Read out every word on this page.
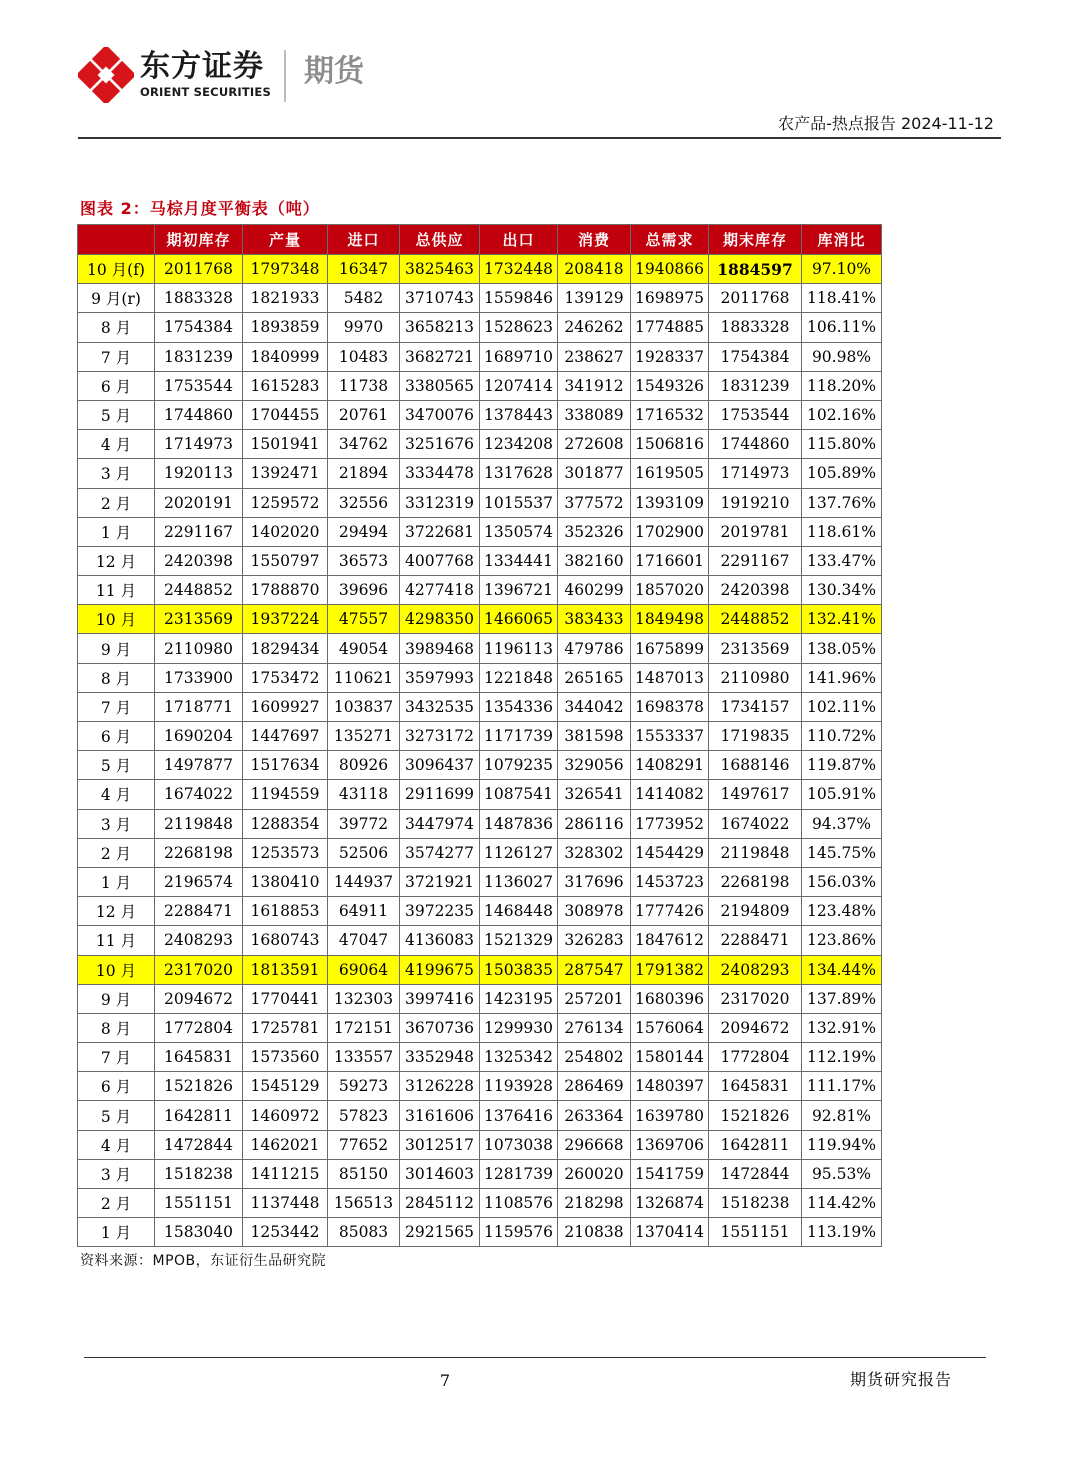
东方证券
ORIENT SECURITIES
期货
农产品-热点报告 2024-11-12
图表 2：马棕月度平衡表（吨）
	期初库存	产量	进口	总供应	出口	消费	总需求	期末库存	库消比
10 月(f)	2011768	1797348	16347	3825463	1732448	208418	1940866	1884597	97.10%
9 月(r)	1883328	1821933	5482	3710743	1559846	139129	1698975	2011768	118.41%
8 月	1754384	1893859	9970	3658213	1528623	246262	1774885	1883328	106.11%
7 月	1831239	1840999	10483	3682721	1689710	238627	1928337	1754384	90.98%
6 月	1753544	1615283	11738	3380565	1207414	341912	1549326	1831239	118.20%
5 月	1744860	1704455	20761	3470076	1378443	338089	1716532	1753544	102.16%
4 月	1714973	1501941	34762	3251676	1234208	272608	1506816	1744860	115.80%
3 月	1920113	1392471	21894	3334478	1317628	301877	1619505	1714973	105.89%
2 月	2020191	1259572	32556	3312319	1015537	377572	1393109	1919210	137.76%
1 月	2291167	1402020	29494	3722681	1350574	352326	1702900	2019781	118.61%
12 月	2420398	1550797	36573	4007768	1334441	382160	1716601	2291167	133.47%
11 月	2448852	1788870	39696	4277418	1396721	460299	1857020	2420398	130.34%
10 月	2313569	1937224	47557	4298350	1466065	383433	1849498	2448852	132.41%
9 月	2110980	1829434	49054	3989468	1196113	479786	1675899	2313569	138.05%
8 月	1733900	1753472	110621	3597993	1221848	265165	1487013	2110980	141.96%
7 月	1718771	1609927	103837	3432535	1354336	344042	1698378	1734157	102.11%
6 月	1690204	1447697	135271	3273172	1171739	381598	1553337	1719835	110.72%
5 月	1497877	1517634	80926	3096437	1079235	329056	1408291	1688146	119.87%
4 月	1674022	1194559	43118	2911699	1087541	326541	1414082	1497617	105.91%
3 月	2119848	1288354	39772	3447974	1487836	286116	1773952	1674022	94.37%
2 月	2268198	1253573	52506	3574277	1126127	328302	1454429	2119848	145.75%
1 月	2196574	1380410	144937	3721921	1136027	317696	1453723	2268198	156.03%
12 月	2288471	1618853	64911	3972235	1468448	308978	1777426	2194809	123.48%
11 月	2408293	1680743	47047	4136083	1521329	326283	1847612	2288471	123.86%
10 月	2317020	1813591	69064	4199675	1503835	287547	1791382	2408293	134.44%
9 月	2094672	1770441	132303	3997416	1423195	257201	1680396	2317020	137.89%
8 月	1772804	1725781	172151	3670736	1299930	276134	1576064	2094672	132.91%
7 月	1645831	1573560	133557	3352948	1325342	254802	1580144	1772804	112.19%
6 月	1521826	1545129	59273	3126228	1193928	286469	1480397	1645831	111.17%
5 月	1642811	1460972	57823	3161606	1376416	263364	1639780	1521826	92.81%
4 月	1472844	1462021	77652	3012517	1073038	296668	1369706	1642811	119.94%
3 月	1518238	1411215	85150	3014603	1281739	260020	1541759	1472844	95.53%
2 月	1551151	1137448	156513	2845112	1108576	218298	1326874	1518238	114.42%
1 月	1583040	1253442	85083	2921565	1159576	210838	1370414	1551151	113.19%
资料来源：MPOB，东证衍生品研究院
7	期货研究报告
